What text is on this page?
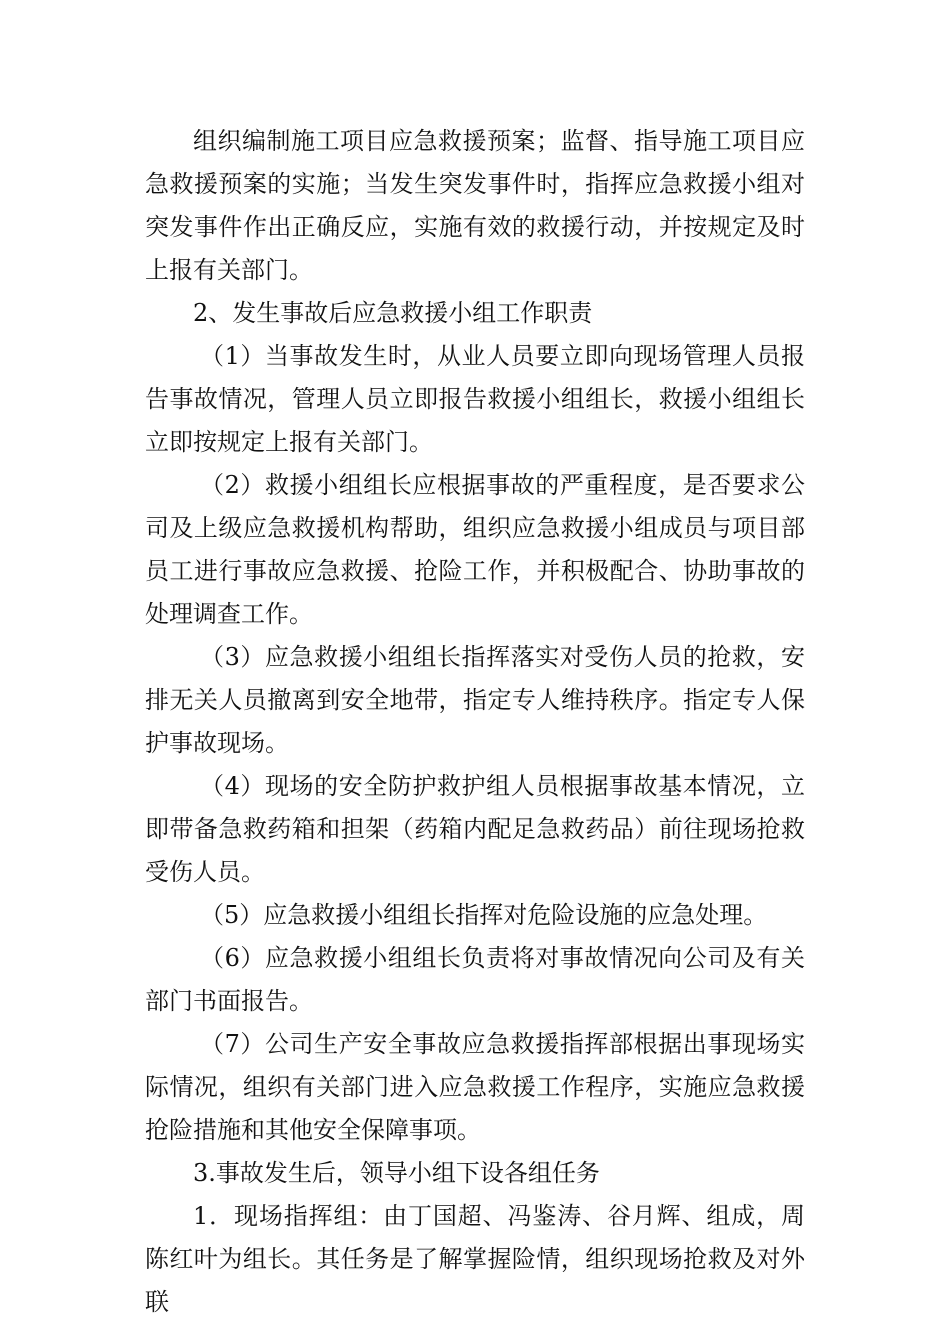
组织编制施工项目应急救援预案；监督、指导施工项目应急救援预案的实施；当发生突发事件时，指挥应急救援小组对突发事件作出正确反应，实施有效的救援行动，并按规定及时上报有关部门。

2、发生事故后应急救援小组工作职责

（1）当事故发生时，从业人员要立即向现场管理人员报告事故情况，管理人员立即报告救援小组组长，救援小组组长立即按规定上报有关部门。

（2）救援小组组长应根据事故的严重程度，是否要求公司及上级应急救援机构帮助，组织应急救援小组成员与项目部员工进行事故应急救援、抢险工作，并积极配合、协助事故的处理调查工作。

（3）应急救援小组组长指挥落实对受伤人员的抢救，安排无关人员撤离到安全地带，指定专人维持秩序。指定专人保护事故现场。

（4）现场的安全防护救护组人员根据事故基本情况，立即带备急救药箱和担架（药箱内配足急救药品）前往现场抢救受伤人员。

（5）应急救援小组组长指挥对危险设施的应急处理。

（6）应急救援小组组长负责将对事故情况向公司及有关部门书面报告。

（7）公司生产安全事故应急救援指挥部根据出事现场实际情况，组织有关部门进入应急救援工作程序，实施应急救援抢险措施和其他安全保障事项。

3.事故发生后，领导小组下设各组任务

1．现场指挥组：由丁国超、冯鉴涛、谷月辉、组成，周陈红叶为组长。其任务是了解掌握险情，组织现场抢救及对外联
